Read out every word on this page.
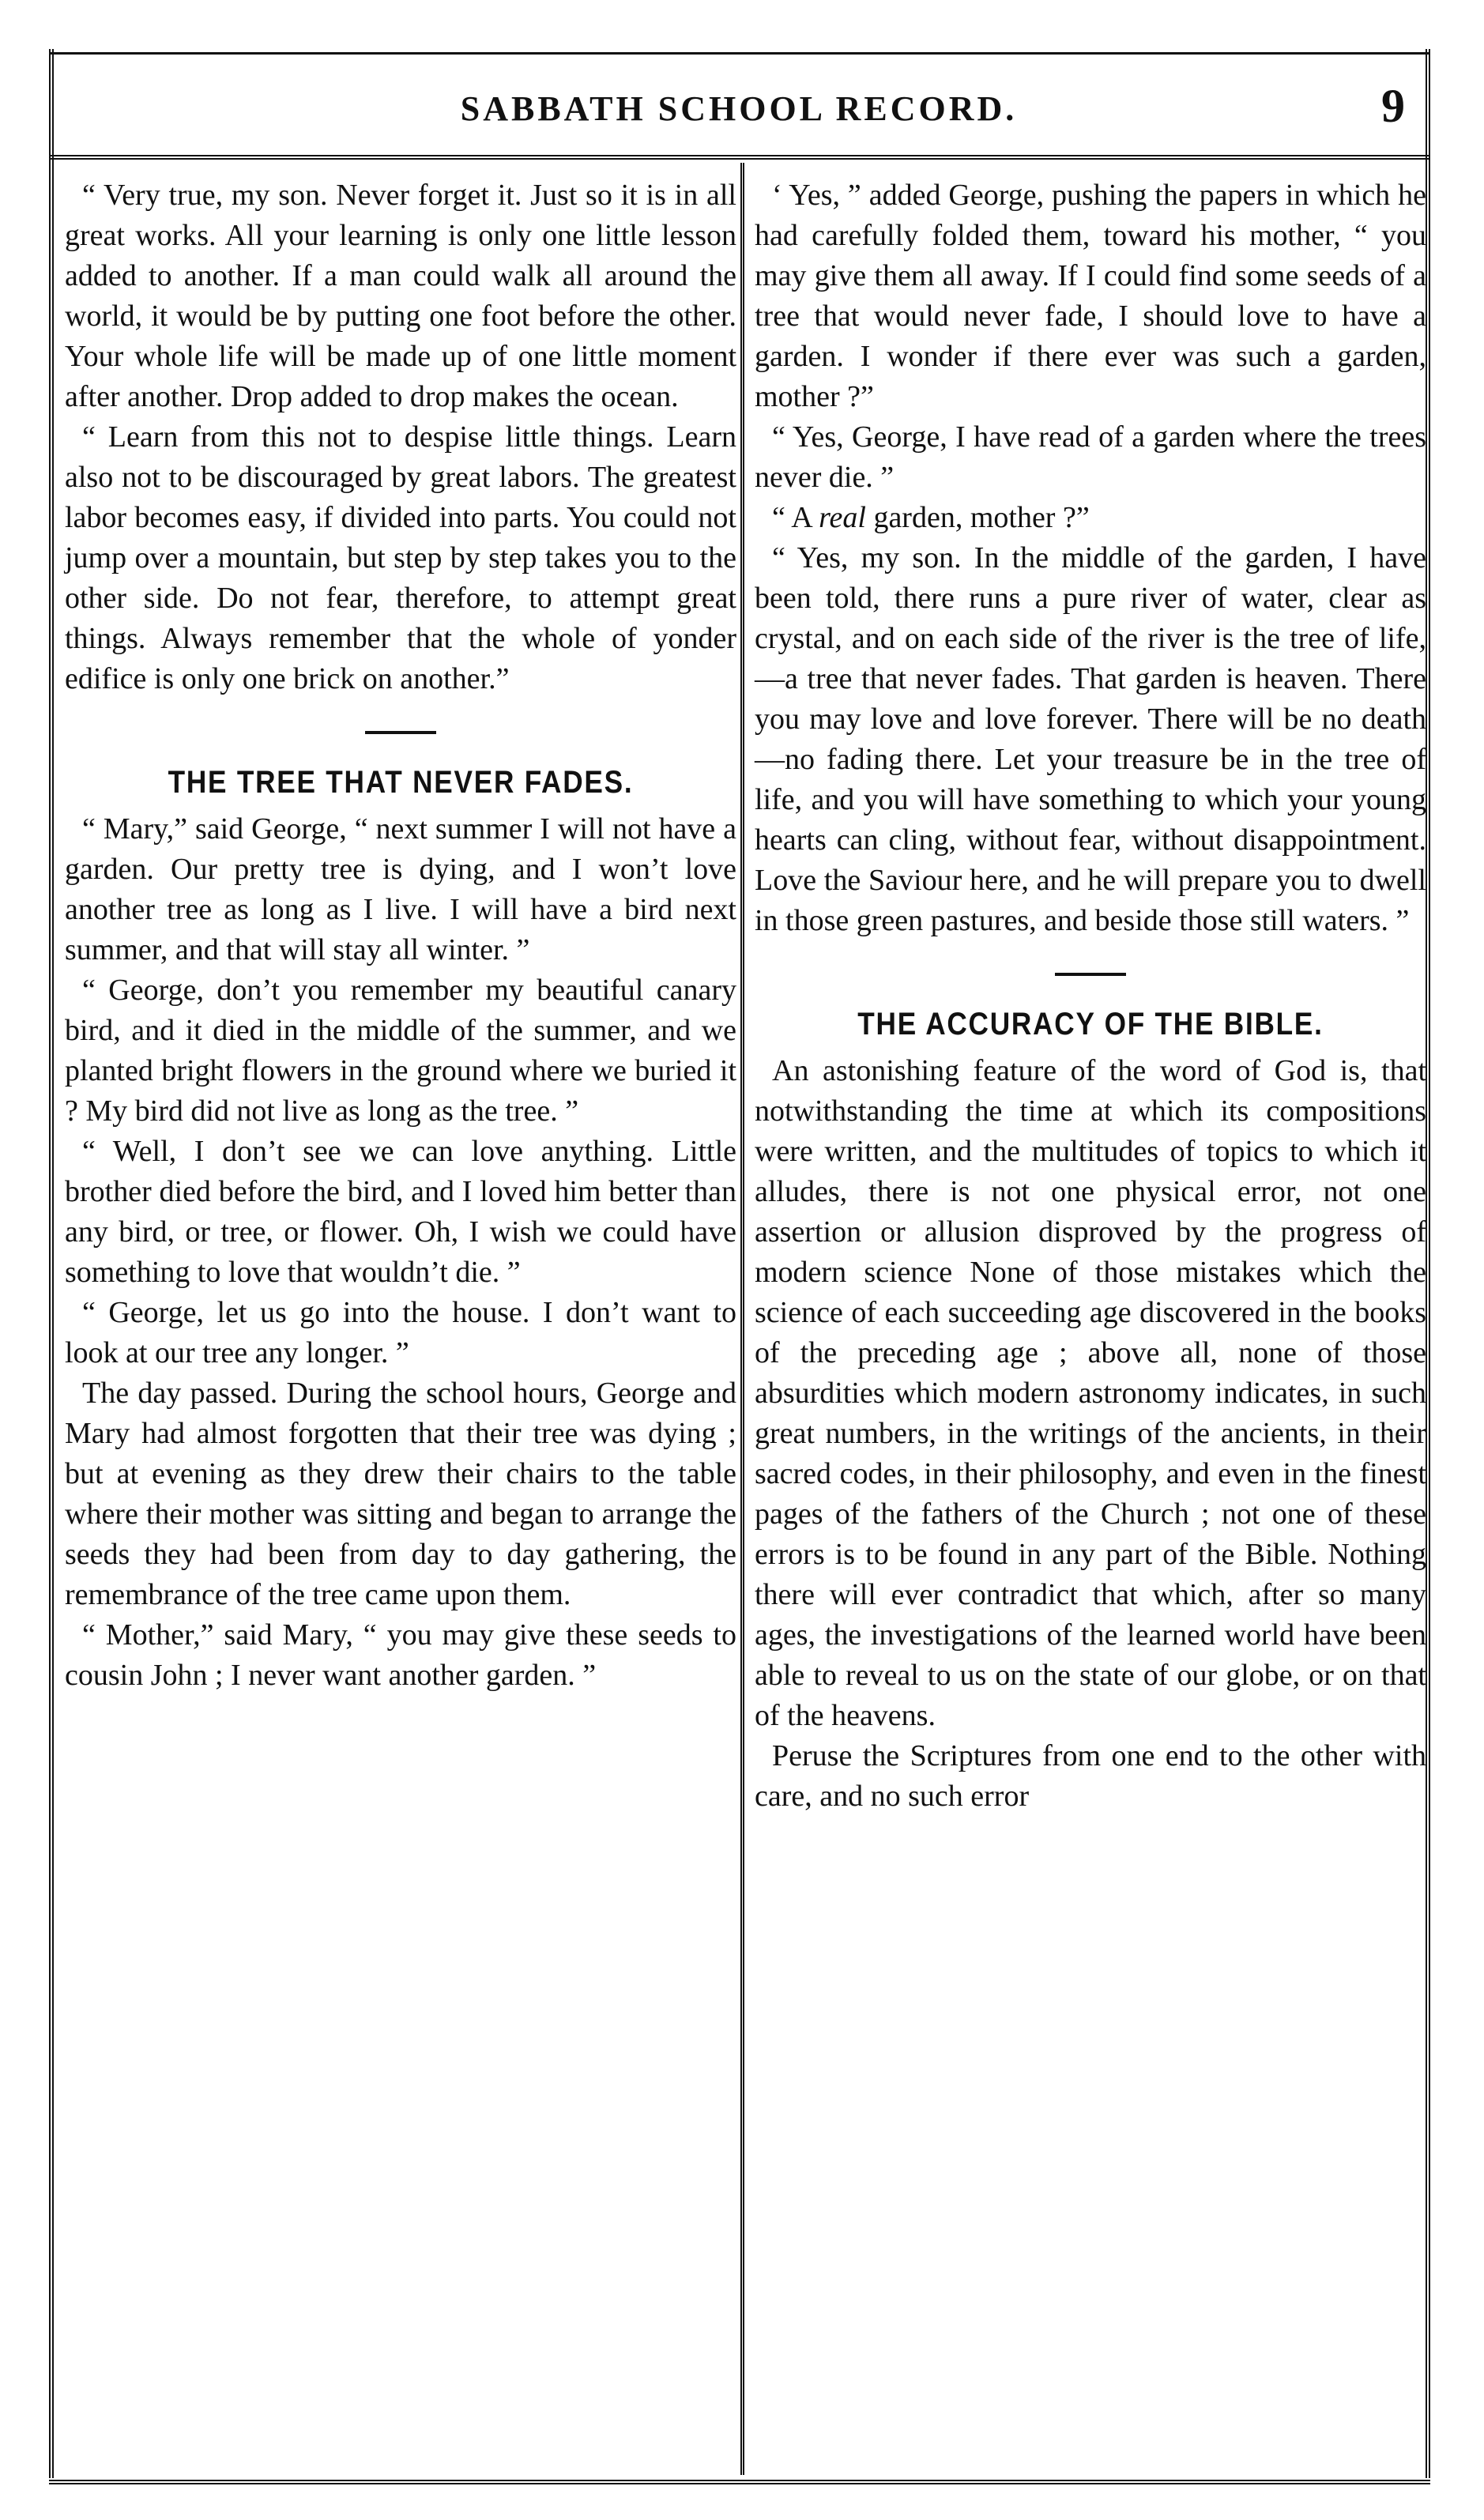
SABBATH SCHOOL RECORD.	9

“ Very true, my son. Never forget it. Just so it is in all great works. All your learning is only one little lesson added to another. If a man could walk all around the world, it would be by putting one foot before the other. Your whole life will be made up of one little moment after another. Drop added to drop makes the ocean.

“ Learn from this not to despise little things. Learn also not to be discouraged by great labors. The greatest labor becomes easy, if divided into parts. You could not jump over a mountain, but step by step takes you to the other side. Do not fear, therefore, to attempt great things. Always remember that the whole of yonder edifice is only one brick on another.”

THE TREE THAT NEVER FADES.

“ Mary,” said George, “ next summer I will not have a garden. Our pretty tree is dying, and I won’t love another tree as long as I live. I will have a bird next summer, and that will stay all winter. ”

“ George, don’t you remember my beautiful canary bird, and it died in the middle of the summer, and we planted bright flowers in the ground where we buried it ? My bird did not live as long as the tree. ”

“ Well, I don’t see we can love anything. Little brother died before the bird, and I loved him better than any bird, or tree, or flower. Oh, I wish we could have something to love that wouldn’t die. ”

“ George, let us go into the house. I don’t want to look at our tree any longer. ”

The day passed. During the school hours, George and Mary had almost forgotten that their tree was dying ; but at evening as they drew their chairs to the table where their mother was sitting and began to arrange the seeds they had been from day to day gathering, the remembrance of the tree came upon them.

“ Mother,” said Mary, “ you may give these seeds to cousin John ; I never want another garden. ”

‘ Yes, ” added George, pushing the papers in which he had carefully folded them, toward his mother, “ you may give them all away. If I could find some seeds of a tree that would never fade, I should love to have a garden. I wonder if there ever was such a garden, mother ?”

“ Yes, George, I have read of a garden where the trees never die. ”

“ A real garden, mother ?”

“ Yes, my son. In the middle of the garden, I have been told, there runs a pure river of water, clear as crystal, and on each side of the river is the tree of life,—a tree that never fades. That garden is heaven. There you may love and love forever. There will be no death—no fading there. Let your treasure be in the tree of life, and you will have something to which your young hearts can cling, without fear, without disappointment. Love the Saviour here, and he will prepare you to dwell in those green pastures, and beside those still waters. ”

THE ACCURACY OF THE BIBLE.

An astonishing feature of the word of God is, that notwithstanding the time at which its compositions were written, and the multitudes of topics to which it alludes, there is not one physical error, not one assertion or allusion disproved by the progress of modern science None of those mistakes which the science of each succeeding age discovered in the books of the preceding age ; above all, none of those absurdities which modern astronomy indicates, in such great numbers, in the writings of the ancients, in their sacred codes, in their philosophy, and even in the finest pages of the fathers of the Church ; not one of these errors is to be found in any part of the Bible. Nothing there will ever contradict that which, after so many ages, the investigations of the learned world have been able to reveal to us on the state of our globe, or on that of the heavens.

Peruse the Scriptures from one end to the other with care, and no such error
